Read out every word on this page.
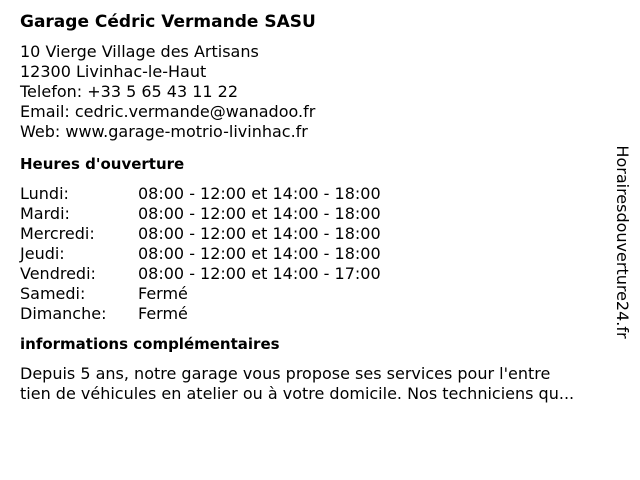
Garage Cédric Vermande SASU
10 Vierge Village des Artisans
12300 Livinhac-le-Haut
Telefon: +33 5 65 43 11 22
Email: cedric.vermande@wanadoo.fr
Web: www.garage-motrio-livinhac.fr
Heures d'ouverture
Lundi:	08:00 - 12:00 et 14:00 - 18:00
Mardi:	08:00 - 12:00 et 14:00 - 18:00
Mercredi:	08:00 - 12:00 et 14:00 - 18:00
Jeudi:	08:00 - 12:00 et 14:00 - 18:00
Vendredi:	08:00 - 12:00 et 14:00 - 17:00
Samedi:	Fermé
Dimanche:	Fermé
informations complémentaires
Depuis 5 ans, notre garage vous propose ses services pour l'entre
tien de véhicules en atelier ou à votre domicile. Nos techniciens qu...
Horairesdouverture24.fr
